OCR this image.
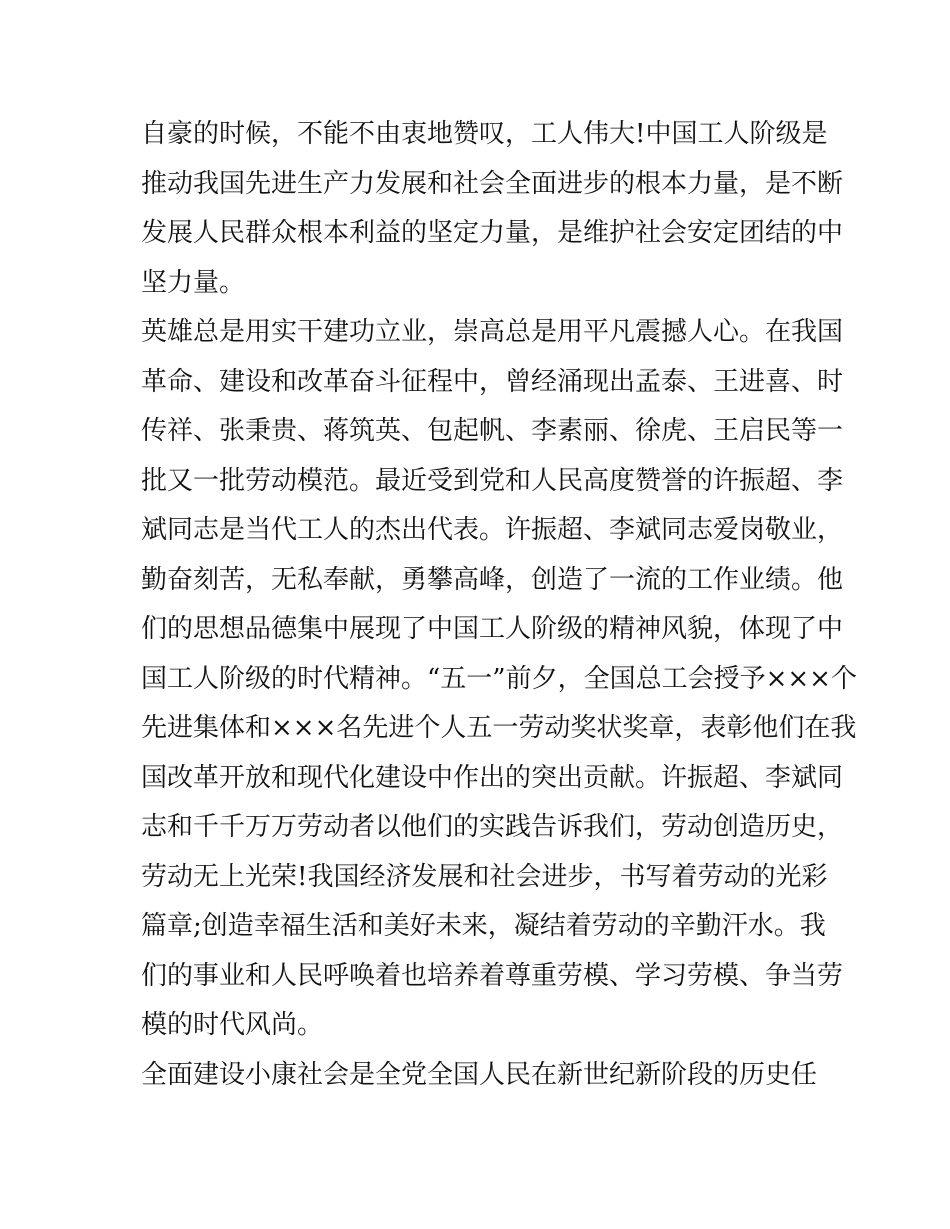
自豪的时候，不能不由衷地赞叹，工人伟大!中国工人阶级是
推动我国先进生产力发展和社会全面进步的根本力量，是不断
发展人民群众根本利益的坚定力量，是维护社会安定团结的中
坚力量。
英雄总是用实干建功立业，崇高总是用平凡震撼人心。在我国
革命、建设和改革奋斗征程中，曾经涌现出孟泰、王进喜、时
传祥、张秉贵、蒋筑英、包起帆、李素丽、徐虎、王启民等一
批又一批劳动模范。最近受到党和人民高度赞誉的许振超、李
斌同志是当代工人的杰出代表。许振超、李斌同志爱岗敬业，
勤奋刻苦，无私奉献，勇攀高峰，创造了一流的工作业绩。他
们的思想品德集中展现了中国工人阶级的精神风貌，体现了中
国工人阶级的时代精神。“五一”前夕，全国总工会授予×××个
先进集体和×××名先进个人五一劳动奖状奖章，表彰他们在我
国改革开放和现代化建设中作出的突出贡献。许振超、李斌同
志和千千万万劳动者以他们的实践告诉我们，劳动创造历史，
劳动无上光荣!我国经济发展和社会进步，书写着劳动的光彩
篇章;创造幸福生活和美好未来，凝结着劳动的辛勤汗水。我
们的事业和人民呼唤着也培养着尊重劳模、学习劳模、争当劳
模的时代风尚。
全面建设小康社会是全党全国人民在新世纪新阶段的历史任
